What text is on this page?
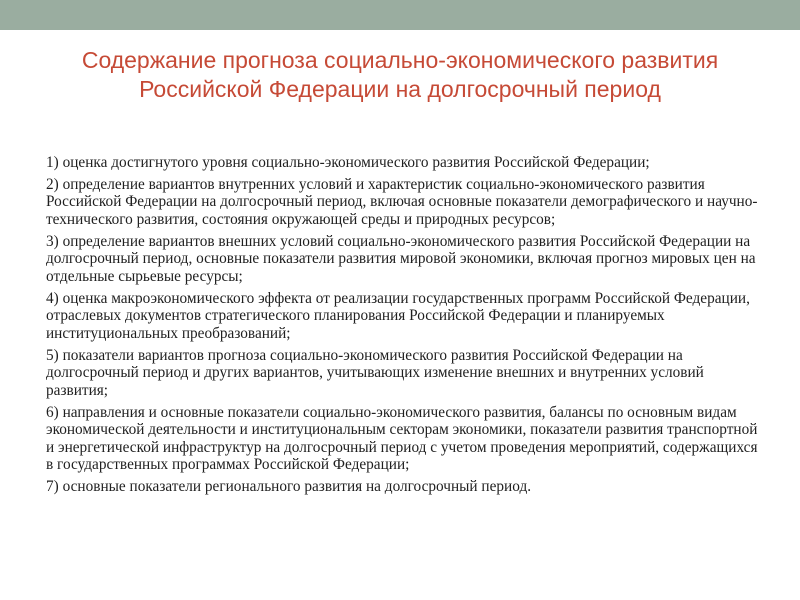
Содержание прогноза социально-экономического развития Российской Федерации на долгосрочный период
1) оценка достигнутого уровня социально-экономического развития Российской Федерации;
2) определение вариантов внутренних условий и характеристик социально-экономического развития Российской Федерации на долгосрочный период, включая основные показатели демографического и научно-технического развития, состояния окружающей среды и природных ресурсов;
3) определение вариантов внешних условий социально-экономического развития Российской Федерации на долгосрочный период, основные показатели развития мировой экономики, включая прогноз мировых цен на отдельные сырьевые ресурсы;
4) оценка макроэкономического эффекта от реализации государственных программ Российской Федерации, отраслевых документов стратегического планирования Российской Федерации и планируемых институциональных преобразований;
5) показатели вариантов прогноза социально-экономического развития Российской Федерации на долгосрочный период и других вариантов, учитывающих изменение внешних и внутренних условий развития;
6) направления и основные показатели социально-экономического развития, балансы по основным видам экономической деятельности и институциональным секторам экономики, показатели развития транспортной и энергетической инфраструктур на долгосрочный период с учетом проведения мероприятий, содержащихся в государственных программах Российской Федерации;
7) основные показатели регионального развития на долгосрочный период.
